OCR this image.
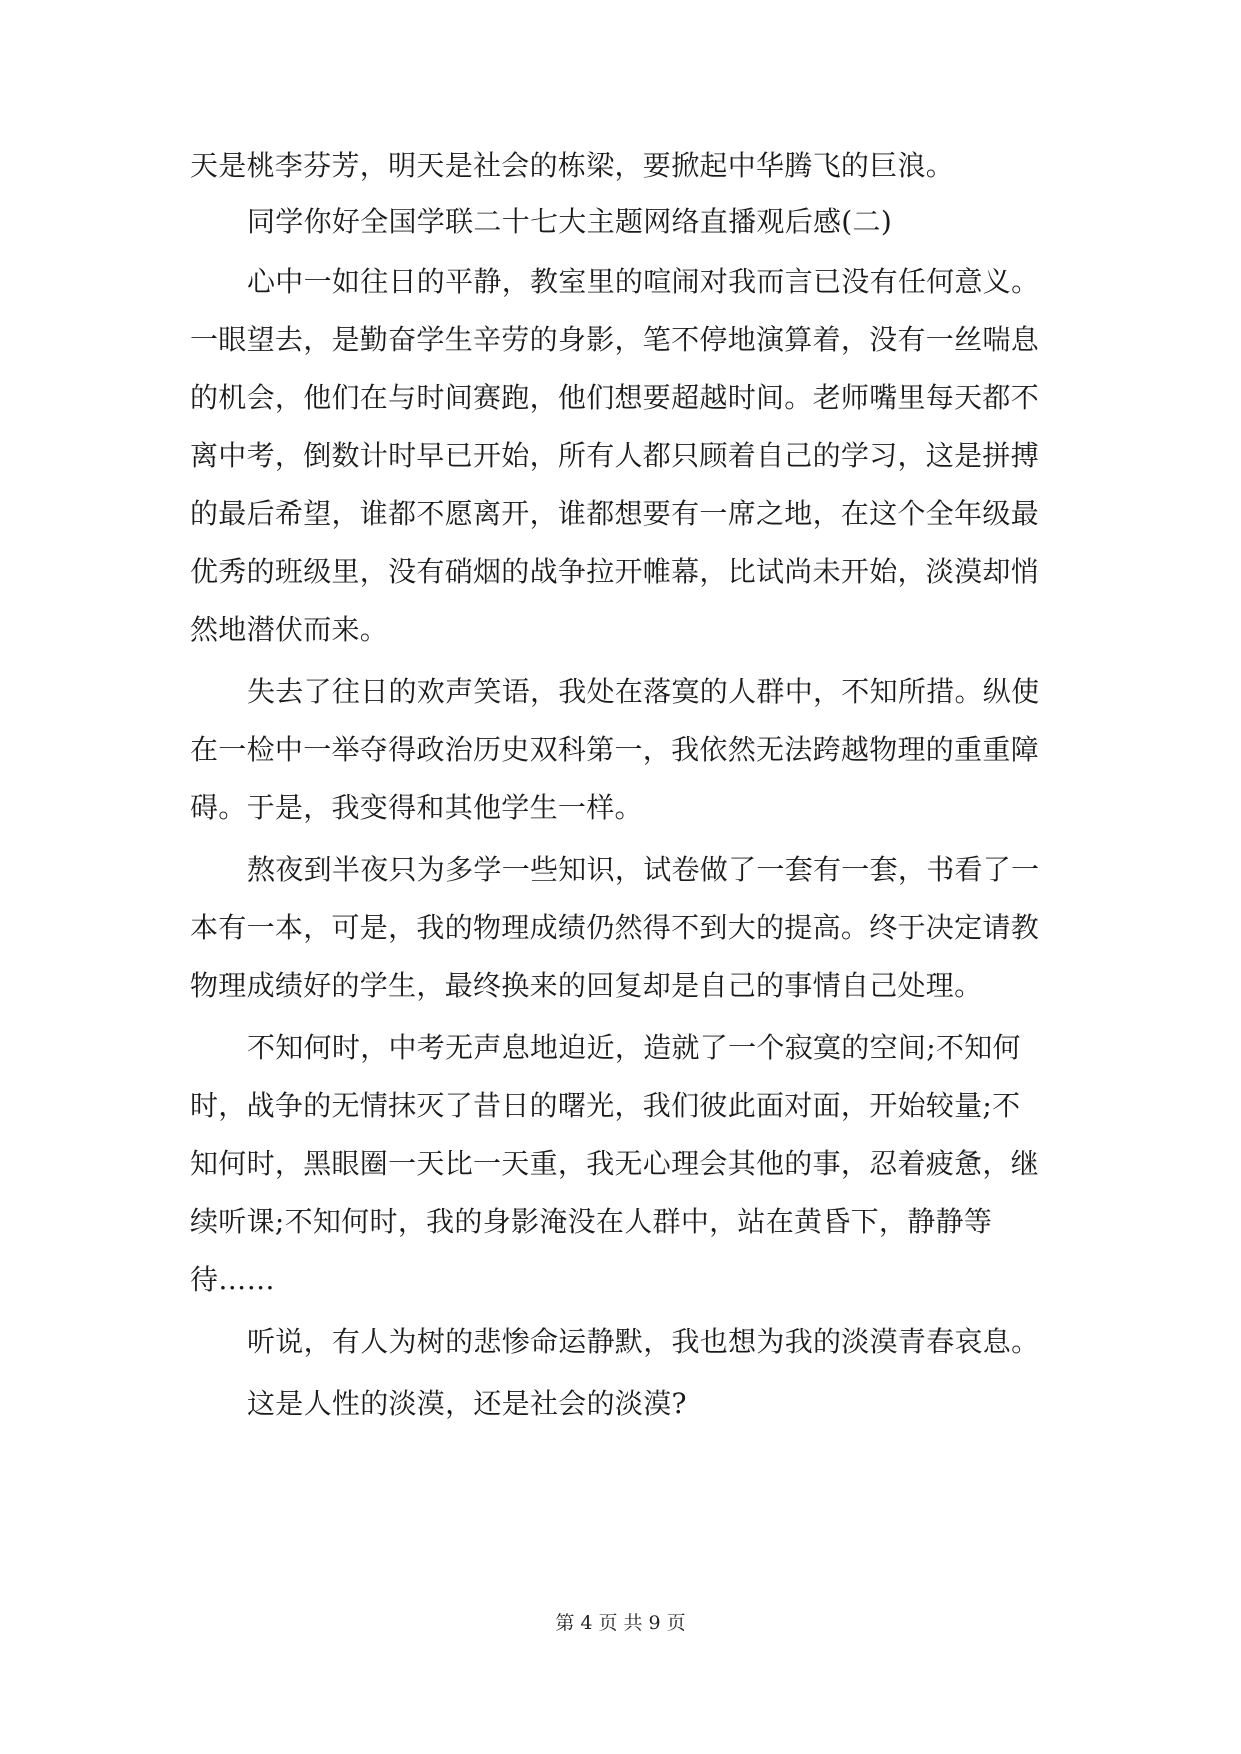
天是桃李芬芳，明天是社会的栋梁，要掀起中华腾飞的巨浪。
同学你好全国学联二十七大主题网络直播观后感(二)
心中一如往日的平静，教室里的喧闹对我而言已没有任何意义。
一眼望去，是勤奋学生辛劳的身影，笔不停地演算着，没有一丝喘息
的机会，他们在与时间赛跑，他们想要超越时间。老师嘴里每天都不
离中考，倒数计时早已开始，所有人都只顾着自己的学习，这是拼搏
的最后希望，谁都不愿离开，谁都想要有一席之地，在这个全年级最
优秀的班级里，没有硝烟的战争拉开帷幕，比试尚未开始，淡漠却悄
然地潜伏而来。
失去了往日的欢声笑语，我处在落寞的人群中，不知所措。纵使
在一检中一举夺得政治历史双科第一，我依然无法跨越物理的重重障
碍。于是，我变得和其他学生一样。
熬夜到半夜只为多学一些知识，试卷做了一套有一套，书看了一
本有一本，可是，我的物理成绩仍然得不到大的提高。终于决定请教
物理成绩好的学生，最终换来的回复却是自己的事情自己处理。
不知何时，中考无声息地迫近，造就了一个寂寞的空间;不知何
时，战争的无情抹灭了昔日的曙光，我们彼此面对面，开始较量;不
知何时，黑眼圈一天比一天重，我无心理会其他的事，忍着疲惫，继
续听课;不知何时，我的身影淹没在人群中，站在黄昏下，静静等
待……
听说，有人为树的悲惨命运静默，我也想为我的淡漠青春哀息。
这是人性的淡漠，还是社会的淡漠?
第 4 页 共 9 页
